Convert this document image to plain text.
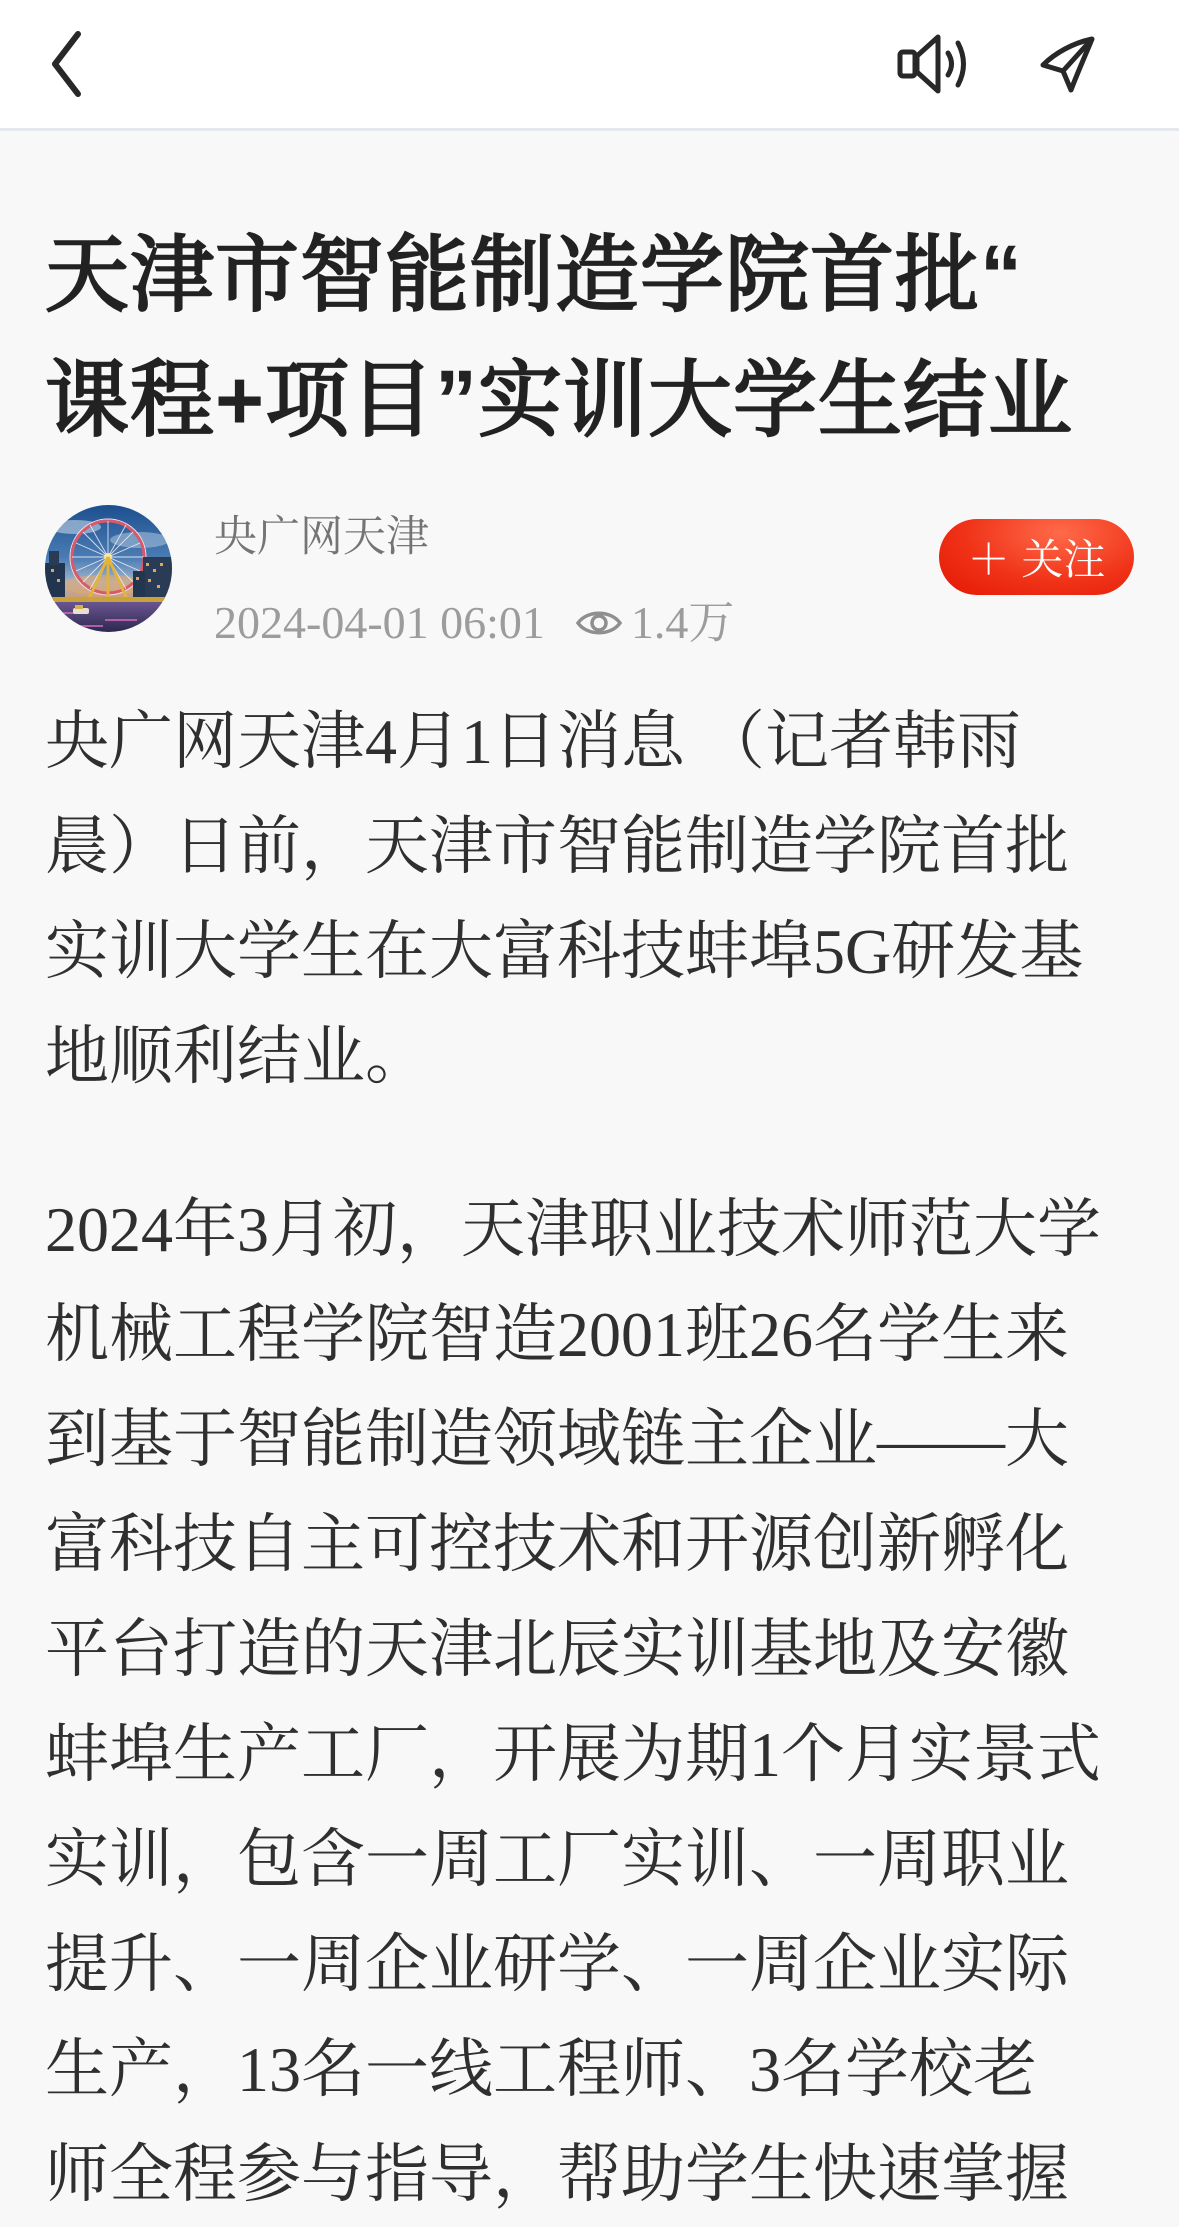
天津市智能制造学院首批“
课程+项目”实训大学生结业
央广网天津
2024-04-01 06:01 1.4万
＋ 关注
央广网天津4月1日消息 （记者韩雨
晨）日前，天津市智能制造学院首批
实训大学生在大富科技蚌埠5G研发基
地顺利结业。
2024年3月初，天津职业技术师范大学
机械工程学院智造2001班26名学生来
到基于智能制造领域链主企业——大
富科技自主可控技术和开源创新孵化
平台打造的天津北辰实训基地及安徽
蚌埠生产工厂，开展为期1个月实景式
实训，包含一周工厂实训、一周职业
提升、一周企业研学、一周企业实际
生产，13名一线工程师、3名学校老
师全程参与指导，帮助学生快速掌握
